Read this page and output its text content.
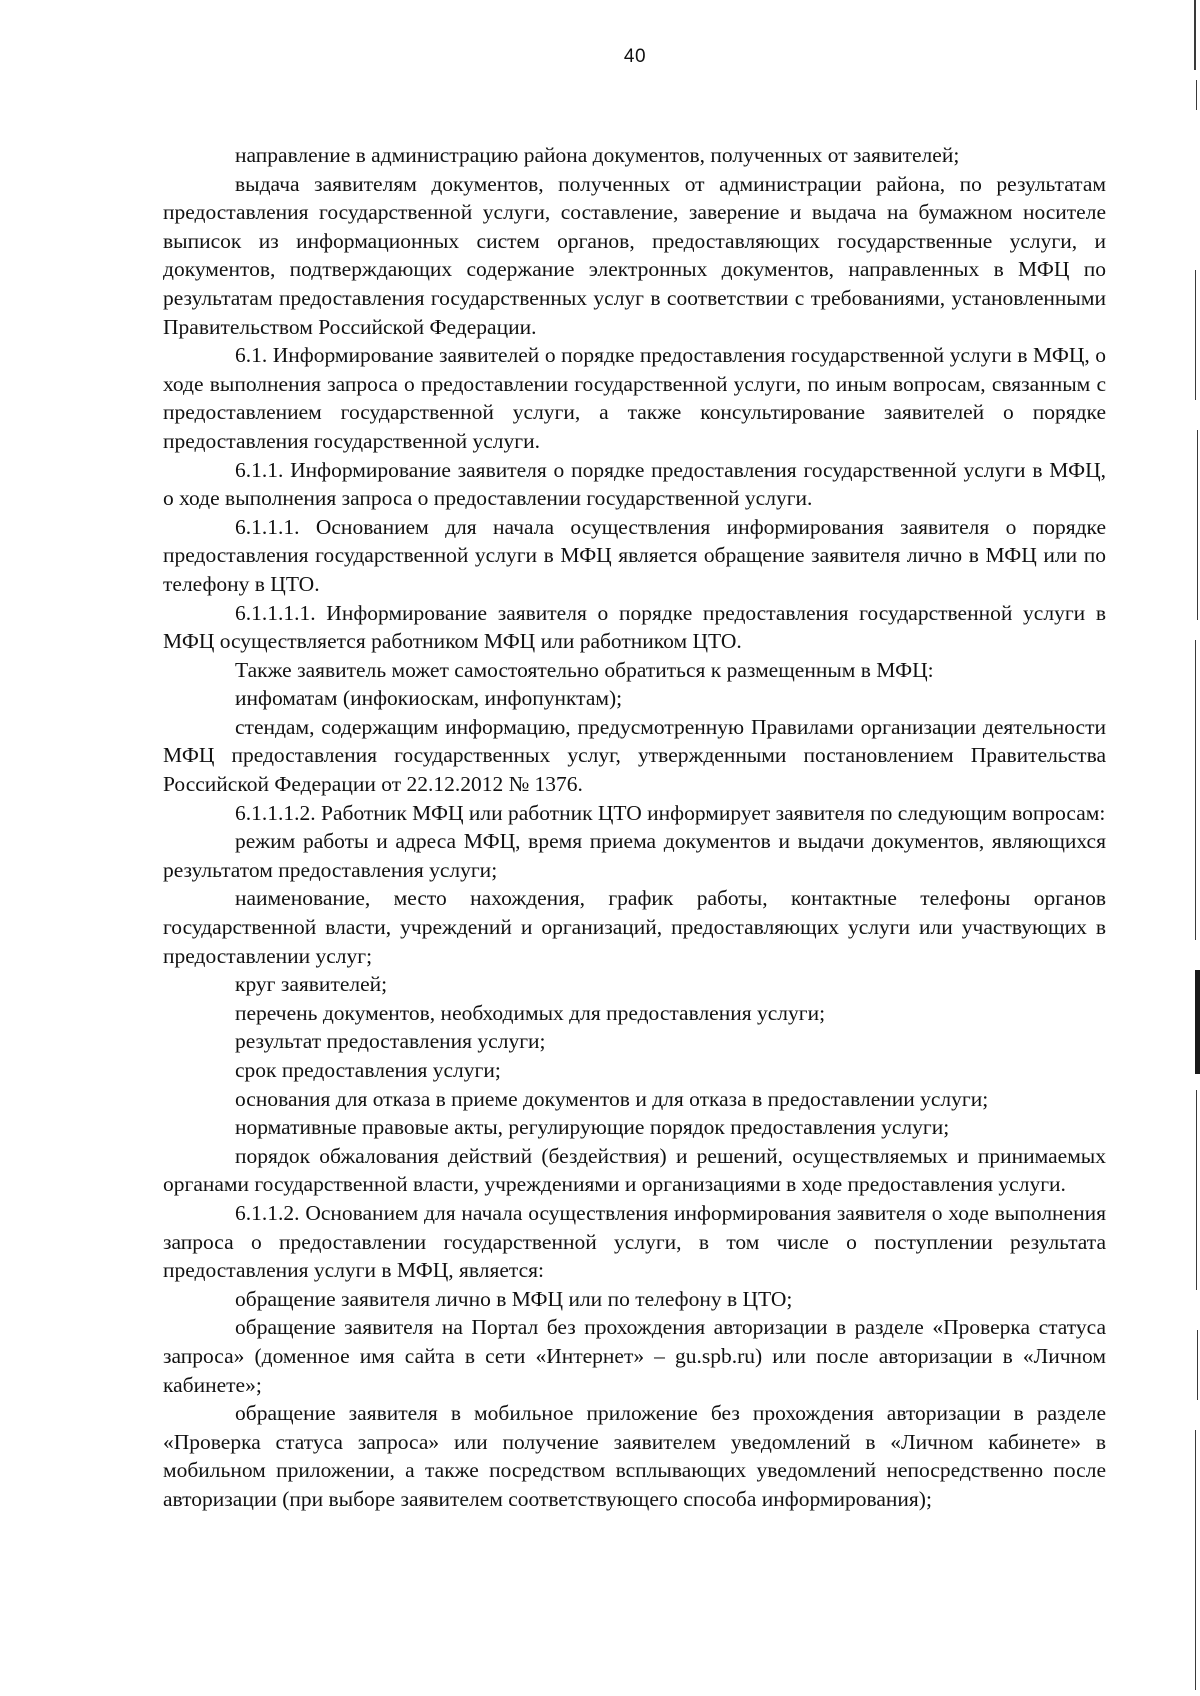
40

направление в администрацию района документов, полученных от заявителей;

выдача заявителям документов, полученных от администрации района, по результатам предоставления государственной услуги, составление, заверение и выдача на бумажном носителе выписок из информационных систем органов, предоставляющих государственные услуги, и документов, подтверждающих содержание электронных документов, направленных в МФЦ по результатам предоставления государственных услуг в соответствии с требованиями, установленными Правительством Российской Федерации.

6.1. Информирование заявителей о порядке предоставления государственной услуги в МФЦ, о ходе выполнения запроса о предоставлении государственной услуги, по иным вопросам, связанным с предоставлением государственной услуги, а также консультирование заявителей о порядке предоставления государственной услуги.

6.1.1. Информирование заявителя о порядке предоставления государственной услуги в МФЦ, о ходе выполнения запроса о предоставлении государственной услуги.

6.1.1.1. Основанием для начала осуществления информирования заявителя о порядке предоставления государственной услуги в МФЦ является обращение заявителя лично в МФЦ или по телефону в ЦТО.

6.1.1.1.1. Информирование заявителя о порядке предоставления государственной услуги в МФЦ осуществляется работником МФЦ или работником ЦТО.

Также заявитель может самостоятельно обратиться к размещенным в МФЦ:

инфоматам (инфокиоскам, инфопунктам);

стендам, содержащим информацию, предусмотренную Правилами организации деятельности МФЦ предоставления государственных услуг, утвержденными постановлением Правительства Российской Федерации от 22.12.2012 № 1376.

6.1.1.1.2. Работник МФЦ или работник ЦТО информирует заявителя по следующим вопросам:

режим работы и адреса МФЦ, время приема документов и выдачи документов, являющихся результатом предоставления услуги;

наименование, место нахождения, график работы, контактные телефоны органов государственной власти, учреждений и организаций, предоставляющих услуги или участвующих в предоставлении услуг;

круг заявителей;

перечень документов, необходимых для предоставления услуги;

результат предоставления услуги;

срок предоставления услуги;

основания для отказа в приеме документов и для отказа в предоставлении услуги;

нормативные правовые акты, регулирующие порядок предоставления услуги;

порядок обжалования действий (бездействия) и решений, осуществляемых и принимаемых органами государственной власти, учреждениями и организациями в ходе предоставления услуги.

6.1.1.2. Основанием для начала осуществления информирования заявителя о ходе выполнения запроса о предоставлении государственной услуги, в том числе о поступлении результата предоставления услуги в МФЦ, является:

обращение заявителя лично в МФЦ или по телефону в ЦТО;

обращение заявителя на Портал без прохождения авторизации в разделе «Проверка статуса запроса» (доменное имя сайта в сети «Интернет» – gu.spb.ru) или после авторизации в «Личном кабинете»;

обращение заявителя в мобильное приложение без прохождения авторизации в разделе «Проверка статуса запроса» или получение заявителем уведомлений в «Личном кабинете» в мобильном приложении, а также посредством всплывающих уведомлений непосредственно после авторизации (при выборе заявителем соответствующего способа информирования);
